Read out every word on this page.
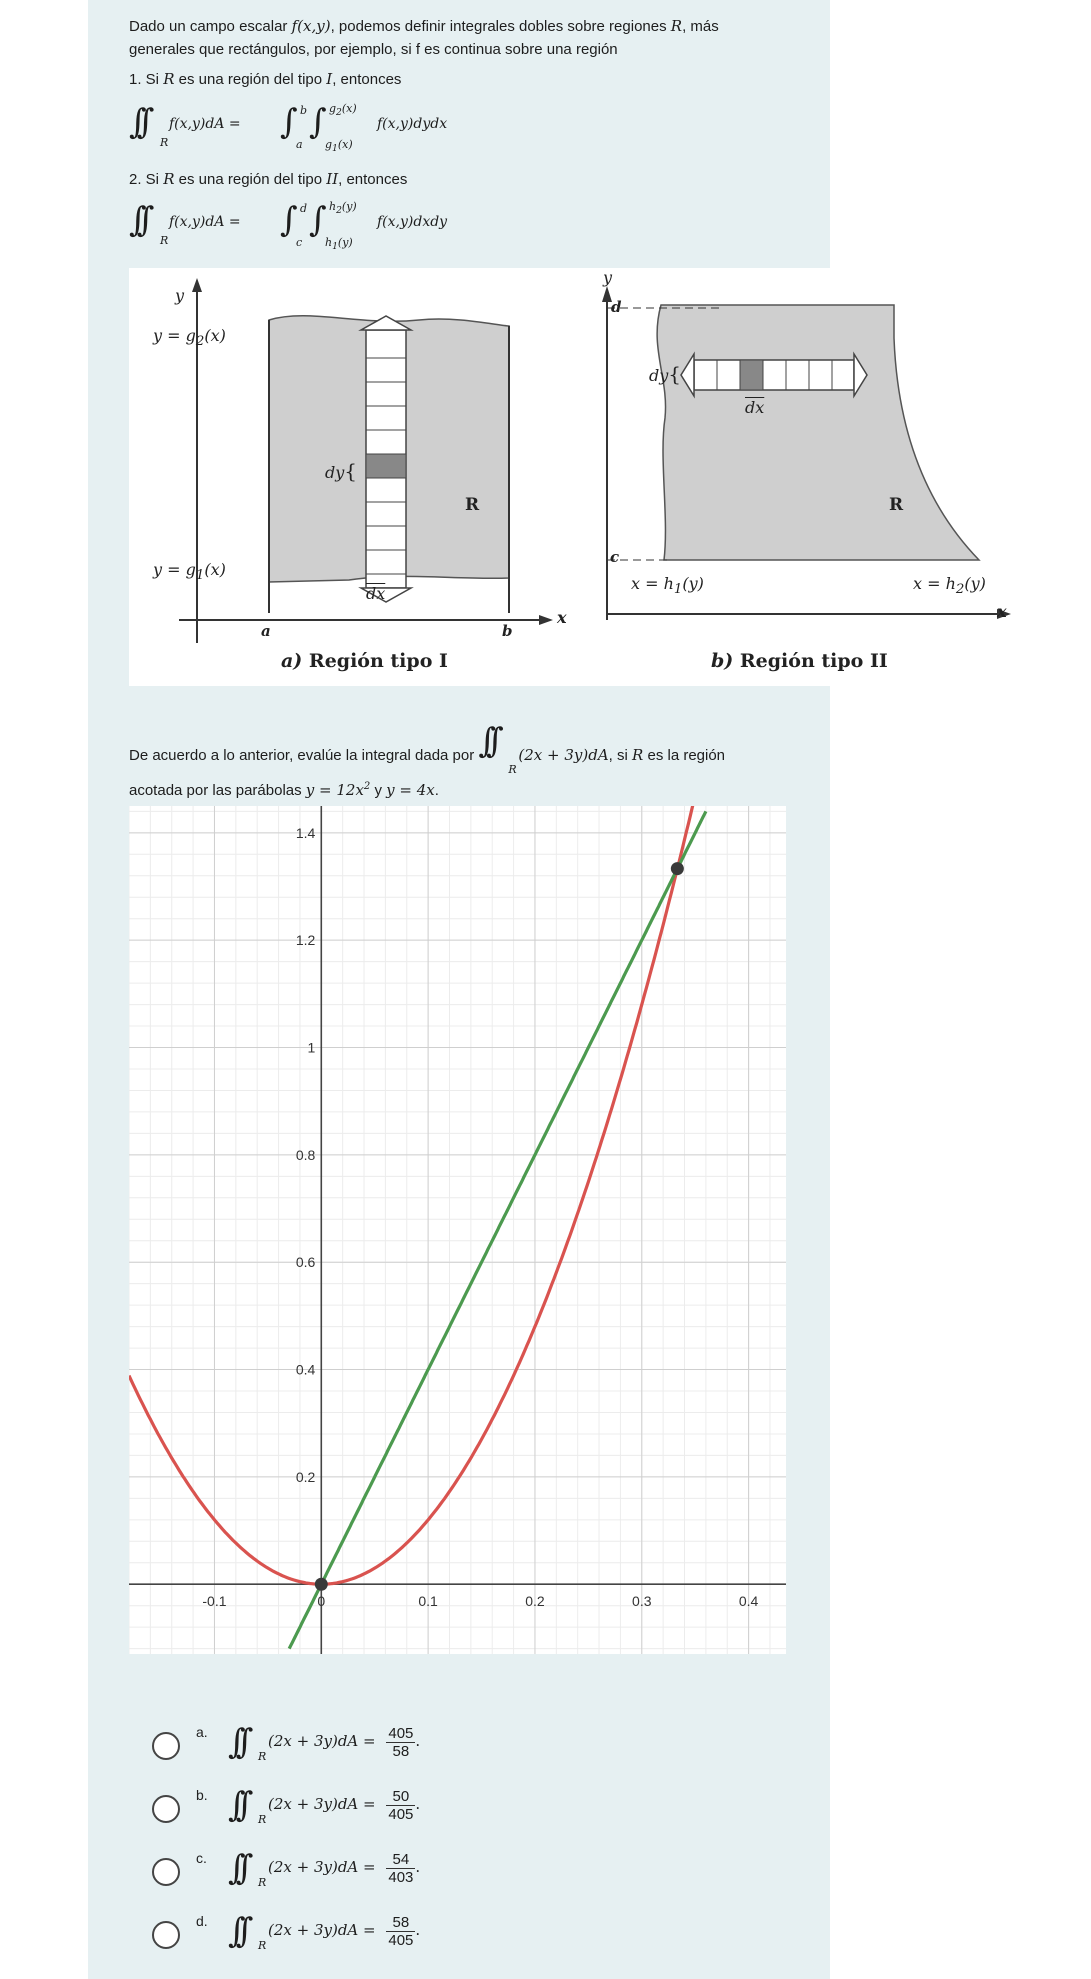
Dado un campo escalar f(x,y), podemos definir integrales dobles sobre regiones R, más
generales que rectángulos, por ejemplo, si f es continua sobre una región
1. Si R es una región del tipo I, entonces
∫∫
R
f(x,y)dA = ∫ b
a
∫ $g_2(x)$
$g_1(x)$
f(x,y)dydx
2. Si R es una región del tipo II, entonces
∫∫
R
f(x,y)dA = ∫ d
c
∫ $h_2(y)$
$h_1(y)$
f(x,y)dxdy
y
$y = g_2(x)$
$y = g_1(x)$
dy{
$\overline{dx}$
R
a	b
x
a) Región tipo I
y
d
c
dy{
$\overline{dx}$
R
$x = h_1(y)$	$x = h_2(y)$
x
b) Región tipo II
De acuerdo a lo anterior, evalúe la integral dada por ∫∫
R
(2x + 3y)dA, si R es la región
acotada por las parábolas $y = 12x^2$ y y = 4x.
-0.1	0	0.1	0.2	0.3	0.4
0.2
0.4
0.6
0.8
1
1.2
1.4
a. ∫∫ R
$(2x + 3y)dA = \frac{405}{58}$ .
b. ∫∫ R
$(2x + 3y)dA = \frac{50}{405}$ .
c. ∫∫ R
$(2x + 3y)dA = \frac{54}{403}$ .
d. ∫∫ R
$(2x + 3y)dA = \frac{58}{405}$ .
